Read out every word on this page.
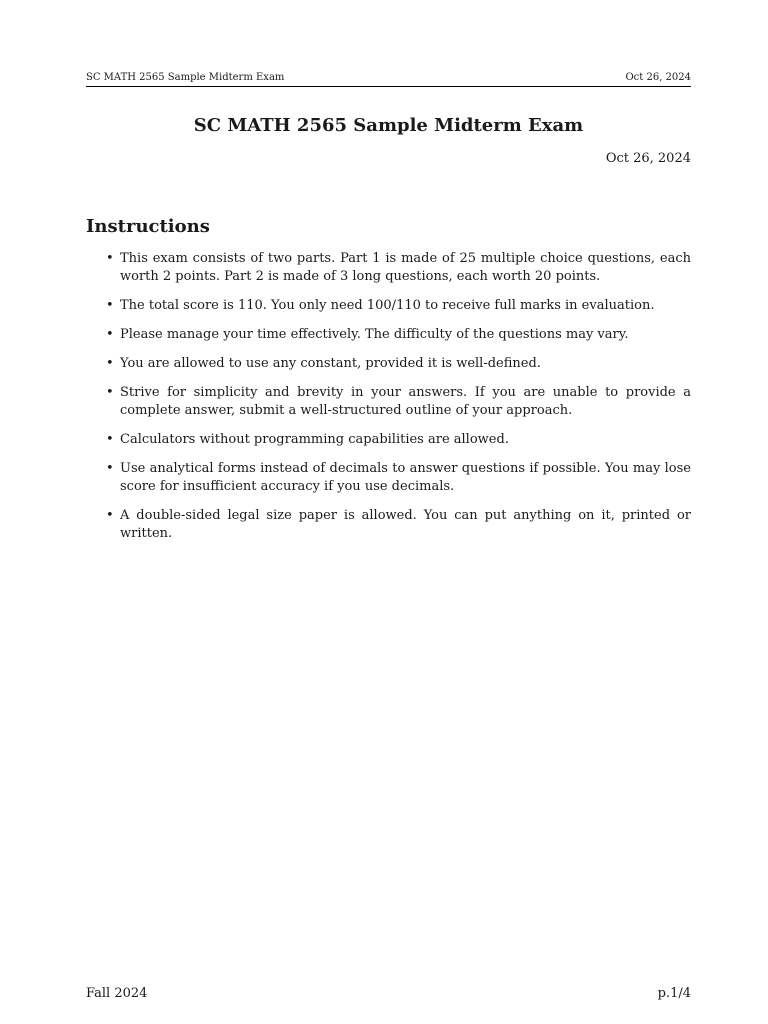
SC MATH 2565 Sample Midterm Exam	Oct 26, 2024
SC MATH 2565 Sample Midterm Exam
Oct 26, 2024
Instructions
• This exam consists of two parts. Part 1 is made of 25 multiple choice questions, each worth 2 points. Part 2 is made of 3 long questions, each worth 20 points.
• The total score is 110. You only need 100/110 to receive full marks in evaluation.
• Please manage your time effectively. The difficulty of the questions may vary.
• You are allowed to use any constant, provided it is well-defined.
• Strive for simplicity and brevity in your answers. If you are unable to provide a complete answer, submit a well-structured outline of your approach.
• Calculators without programming capabilities are allowed.
• Use analytical forms instead of decimals to answer questions if possible. You may lose score for insufficient accuracy if you use decimals.
• A double-sided legal size paper is allowed. You can put anything on it, printed or written.
Fall 2024	p.1/4
